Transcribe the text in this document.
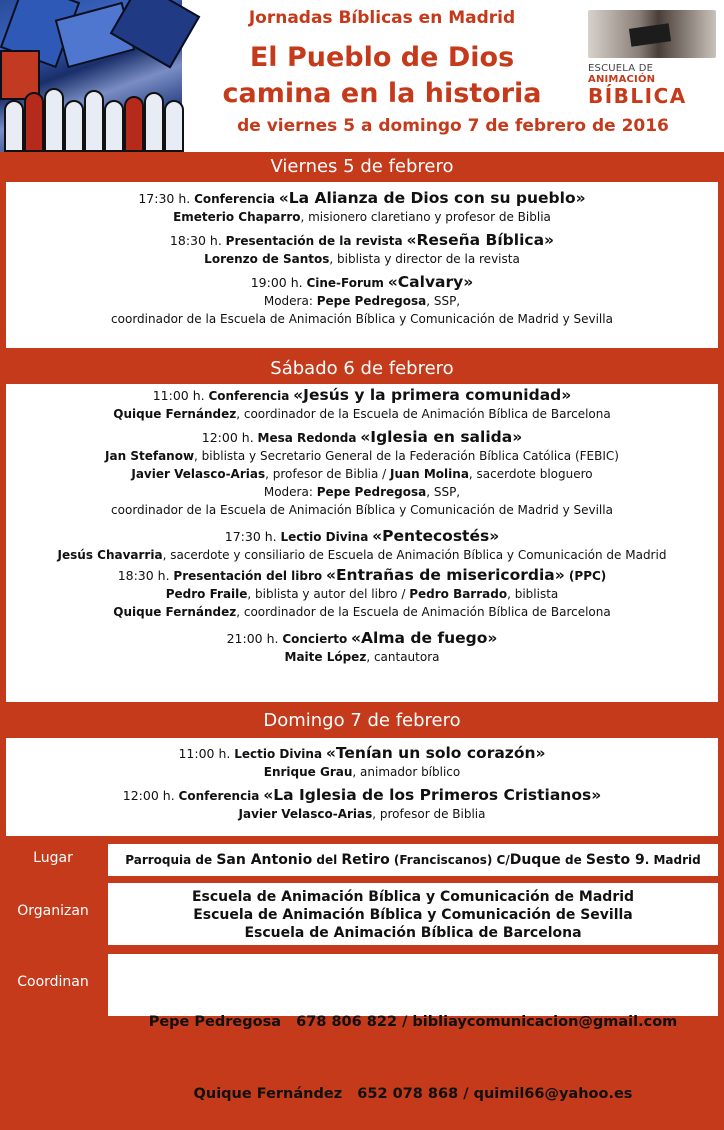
Jornadas Bíblicas en Madrid
El Pueblo de Dios
camina en la historia
ESCUELA DE ANIMACIÓN
BÍBLICA
de viernes 5 a domingo 7 de febrero de 2016
Viernes 5 de febrero
17:30 h. Conferencia «La Alianza de Dios con su pueblo»
Emeterio Chaparro, misionero claretiano y profesor de Biblia
18:30 h. Presentación de la revista «Reseña Bíblica»
Lorenzo de Santos, biblista y director de la revista
19:00 h. Cine-Forum «Calvary»
Modera: Pepe Pedregosa, SSP,
coordinador de la Escuela de Animación Bíblica y Comunicación de Madrid y Sevilla
Sábado 6 de febrero
11:00 h. Conferencia «Jesús y la primera comunidad»
Quique Fernández, coordinador de la Escuela de Animación Bíblica de Barcelona
12:00 h. Mesa Redonda «Iglesia en salida»
Jan Stefanow, biblista y Secretario General de la Federación Bíblica Católica (FEBIC)
Javier Velasco-Arias, profesor de Biblia / Juan Molina, sacerdote bloguero
Modera: Pepe Pedregosa, SSP,
coordinador de la Escuela de Animación Bíblica y Comunicación de Madrid y Sevilla
17:30 h. Lectio Divina «Pentecostés»
Jesús Chavarria, sacerdote y consiliario de Escuela de Animación Bíblica y Comunicación de Madrid
18:30 h. Presentación del libro «Entrañas de misericordia» (PPC)
Pedro Fraile, biblista y autor del libro / Pedro Barrado, biblista
Quique Fernández, coordinador de la Escuela de Animación Bíblica de Barcelona
21:00 h. Concierto «Alma de fuego»
Maite López, cantautora
Domingo 7 de febrero
11:00 h. Lectio Divina «Tenían un solo corazón»
Enrique Grau, animador bíblico
12:00 h. Conferencia «La Iglesia de los Primeros Cristianos»
Javier Velasco-Arias, profesor de Biblia
Lugar	Parroquia de San Antonio del Retiro (Franciscanos) C/Duque de Sesto 9. Madrid
Organizan
Escuela de Animación Bíblica y Comunicación de Madrid
Escuela de Animación Bíblica y Comunicación de Sevilla
Escuela de Animación Bíblica de Barcelona
Coordinan

Pepe Pedregosa   678 806 822 / bibliaycomunicacion@gmail.com

Quique Fernández   652 078 868 / quimil66@yahoo.es
